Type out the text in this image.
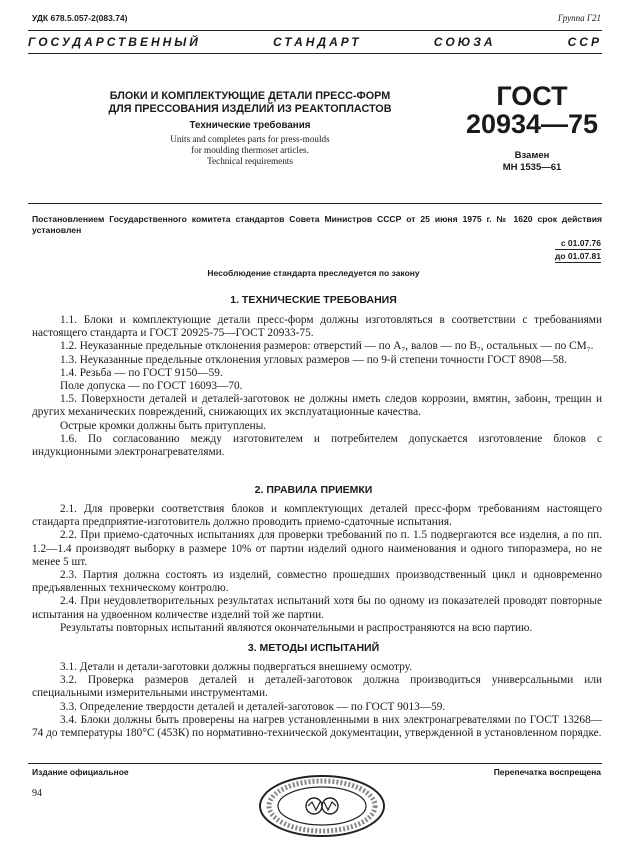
УДК 678.5.057-2(083.74)	Группа Г21
ГОСУДАРСТВЕННЫЙ	СТАНДАРТ	СОЮЗА	ССР
БЛОКИ И КОМПЛЕКТУЮЩИЕ ДЕТАЛИ ПРЕСС-ФОРМ
ДЛЯ ПРЕССОВАНИЯ ИЗДЕЛИЙ ИЗ РЕАКТОПЛАСТОВ
Технические требования
Units and completes parts for press-moulds
for moulding thermoset articles.
Technical requirements
ГОСТ
20934—75
Взамен
МН 1535—61
Постановлением Государственного комитета стандартов Совета Министров СССР от 25 июня 1975 г. № 1620 срок действия установлен
с 01.07.76
до 01.07.81
Несоблюдение стандарта преследуется по закону
1. ТЕХНИЧЕСКИЕ ТРЕБОВАНИЯ

1.1. Блоки и комплектующие детали пресс-форм должны изготовляться в соответствии с требованиями настоящего стандарта и ГОСТ 20925-75—ГОСТ 20933-75.

1.2. Неуказанные предельные отклонения размеров: отверстий — по A₇, валов — по B₇, остальных — по CM₇.

1.3. Неуказанные предельные отклонения угловых размеров — по 9-й степени точности ГОСТ 8908—58.

1.4. Резьба — по ГОСТ 9150—59.

Поле допуска — по ГОСТ 16093—70.

1.5. Поверхности деталей и деталей-заготовок не должны иметь следов коррозии, вмятин, забоин, трещин и других механических повреждений, снижающих их эксплуатационные качества.

Острые кромки должны быть притуплены.

1.6. По согласованию между изготовителем и потребителем допускается изготовление блоков с индукционными электронагревателями.

2. ПРАВИЛА ПРИЕМКИ

2.1. Для проверки соответствия блоков и комплектующих деталей пресс-форм требованиям настоящего стандарта предприятие-изготовитель должно проводить приемо-сдаточные испытания.

2.2. При приемо-сдаточных испытаниях для проверки требований по п. 1.5 подвергаются все изделия, а по пп. 1.2—1.4 производят выборку в размере 10% от партии изделий одного наименования и одного типоразмера, но не менее 5 шт.

2.3. Партия должна состоять из изделий, совместно прошедших производственный цикл и одновременно предъявленных техническому контролю.

2.4. При неудовлетворительных результатах испытаний хотя бы по одному из показателей проводят повторные испытания на удвоенном количестве изделий той же партии.

Результаты повторных испытаний являются окончательными и распространяются на всю партию.

3. МЕТОДЫ ИСПЫТАНИЙ

3.1. Детали и детали-заготовки должны подвергаться внешнему осмотру.

3.2. Проверка размеров деталей и деталей-заготовок должна производиться универсальными или специальными измерительными инструментами.

3.3. Определение твердости деталей и деталей-заготовок — по ГОСТ 9013—59.

3.4. Блоки должны быть проверены на нагрев установленными в них электронагревателями по ГОСТ 13268—74 до температуры 180°С (453К) по нормативно-технической документации, утвержденной в установленном порядке.

Издание официальное	Перепечатка воспрещена
94
